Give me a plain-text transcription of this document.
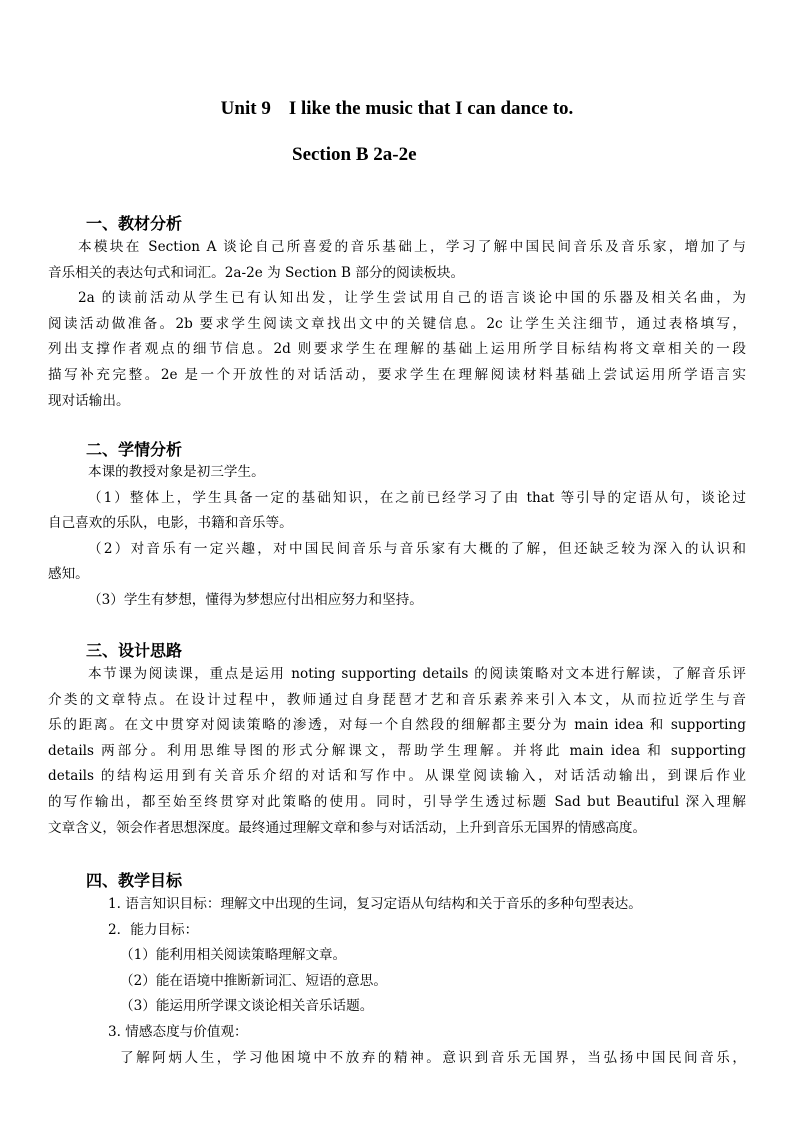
Unit 9 I like the music that I can dance to.
Section B 2a-2e
一、教材分析
本模块在 Section A 谈论自己所喜爱的音乐基础上，学习了解中国民间音乐及音乐家，增加了与
音乐相关的表达句式和词汇。2a-2e 为 Section B 部分的阅读板块。
2a 的读前活动从学生已有认知出发，让学生尝试用自己的语言谈论中国的乐器及相关名曲，为
阅读活动做准备。2b 要求学生阅读文章找出文中的关键信息。2c 让学生关注细节，通过表格填写，
列出支撑作者观点的细节信息。2d 则要求学生在理解的基础上运用所学目标结构将文章相关的一段
描写补充完整。2e 是一个开放性的对话活动，要求学生在理解阅读材料基础上尝试运用所学语言实
现对话输出。
二、学情分析
本课的教授对象是初三学生。
（1）整体上，学生具备一定的基础知识，在之前已经学习了由 that 等引导的定语从句，谈论过
自己喜欢的乐队，电影，书籍和音乐等。
（2）对音乐有一定兴趣，对中国民间音乐与音乐家有大概的了解，但还缺乏较为深入的认识和
感知。
（3）学生有梦想，懂得为梦想应付出相应努力和坚持。
三、设计思路
本节课为阅读课，重点是运用 noting supporting details 的阅读策略对文本进行解读，了解音乐评
介类的文章特点。在设计过程中，教师通过自身琵琶才艺和音乐素养来引入本文，从而拉近学生与音
乐的距离。在文中贯穿对阅读策略的渗透，对每一个自然段的细解都主要分为 main idea 和 supporting
details 两部分。利用思维导图的形式分解课文，帮助学生理解。并将此 main idea 和 supporting
details 的结构运用到有关音乐介绍的对话和写作中。从课堂阅读输入，对话活动输出，到课后作业
的写作输出，都至始至终贯穿对此策略的使用。同时，引导学生透过标题 Sad but Beautiful 深入理解
文章含义，领会作者思想深度。最终通过理解文章和参与对话活动，上升到音乐无国界的情感高度。
四、教学目标
1. 语言知识目标：理解文中出现的生词，复习定语从句结构和关于音乐的多种句型表达。
2．能力目标：
（1）能利用相关阅读策略理解文章。
（2）能在语境中推断新词汇、短语的意思。
（3）能运用所学课文谈论相关音乐话题。
3. 情感态度与价值观：
了解阿炳人生，学习他困境中不放弃的精神。意识到音乐无国界，当弘扬中国民间音乐，
